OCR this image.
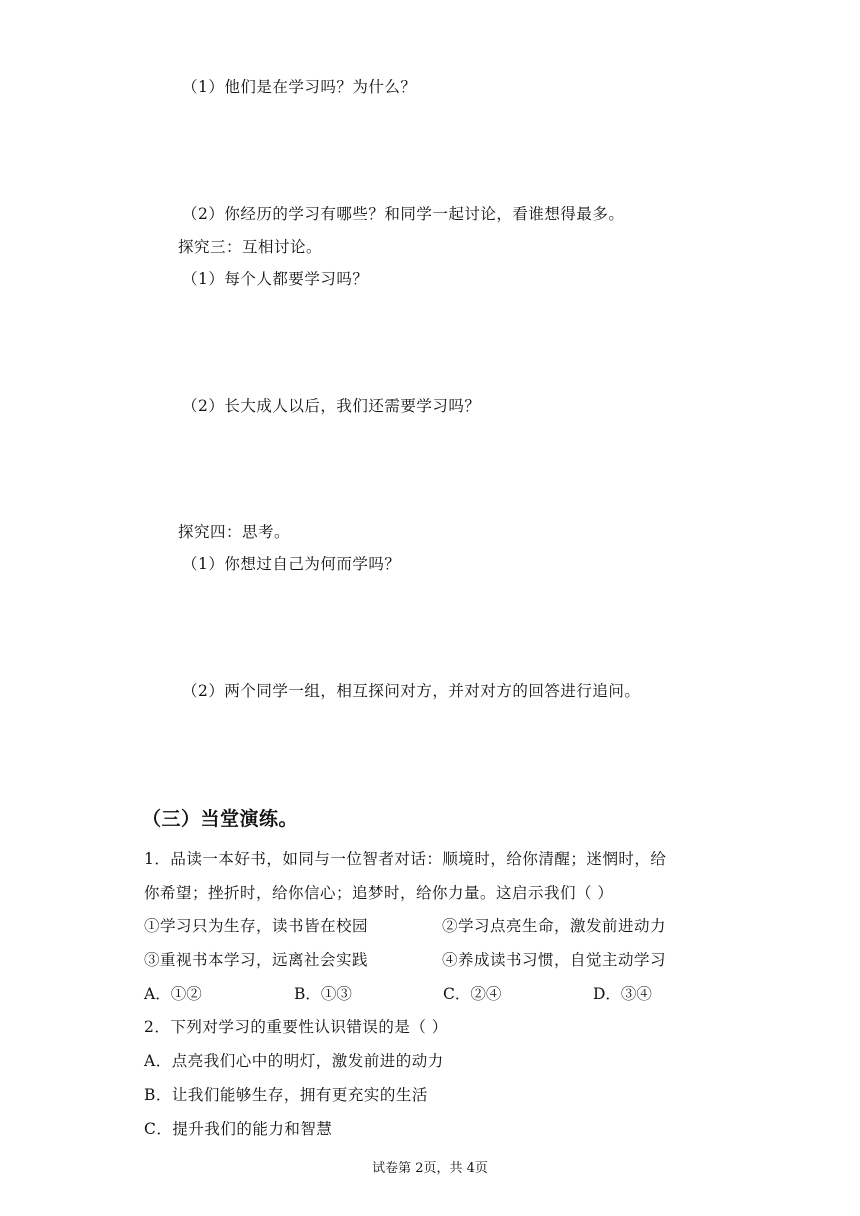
（1）他们是在学习吗？为什么？
（2）你经历的学习有哪些？和同学一起讨论，看谁想得最多。
探究三：互相讨论。
（1）每个人都要学习吗？
（2）长大成人以后，我们还需要学习吗？
探究四：思考。
（1）你想过自己为何而学吗？
（2）两个同学一组，相互探问对方，并对对方的回答进行追问。
（三）当堂演练。
1．品读一本好书，如同与一位智者对话：顺境时，给你清醒；迷惘时，给
你希望；挫折时，给你信心；追梦时，给你力量。这启示我们（ ）
①学习只为生存，读书皆在校园	②学习点亮生命，激发前进动力
③重视书本学习，远离社会实践	④养成读书习惯，自觉主动学习
A．①②	B．①③	C．②④	D．③④
2．下列对学习的重要性认识错误的是（ ）
A．点亮我们心中的明灯，激发前进的动力
B．让我们能够生存，拥有更充实的生活
C．提升我们的能力和智慧
试卷第 2页，共 4页
